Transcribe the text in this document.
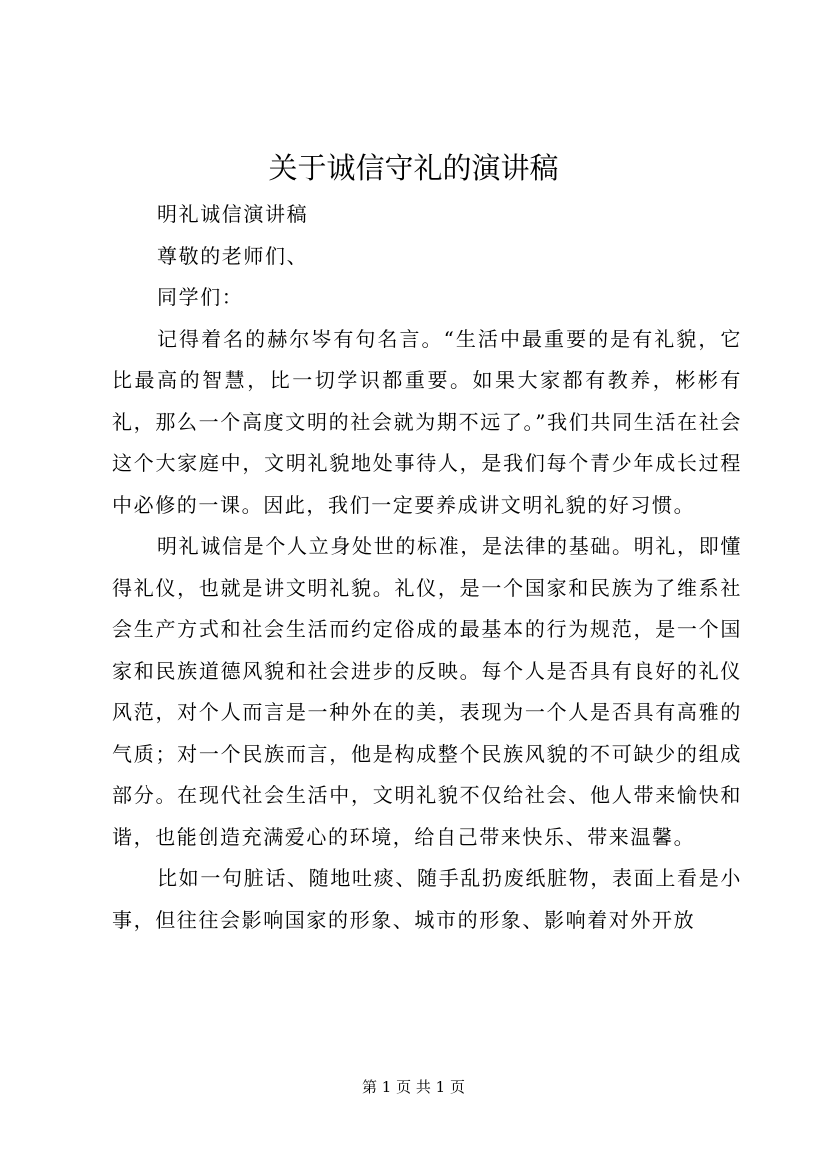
关于诚信守礼的演讲稿

明礼诚信演讲稿

尊敬的老师们、

同学们：

记得着名的赫尔岑有句名言。“生活中最重要的是有礼貌，它比最高的智慧，比一切学识都重要。如果大家都有教养，彬彬有礼，那么一个高度文明的社会就为期不远了。”我们共同生活在社会这个大家庭中，文明礼貌地处事待人，是我们每个青少年成长过程中必修的一课。因此，我们一定要养成讲文明礼貌的好习惯。

明礼诚信是个人立身处世的标准，是法律的基础。明礼，即懂得礼仪，也就是讲文明礼貌。礼仪，是一个国家和民族为了维系社会生产方式和社会生活而约定俗成的最基本的行为规范，是一个国家和民族道德风貌和社会进步的反映。每个人是否具有良好的礼仪风范，对个人而言是一种外在的美，表现为一个人是否具有高雅的气质；对一个民族而言，他是构成整个民族风貌的不可缺少的组成部分。在现代社会生活中，文明礼貌不仅给社会、他人带来愉快和谐，也能创造充满爱心的环境，给自己带来快乐、带来温馨。

比如一句脏话、随地吐痰、随手乱扔废纸脏物，表面上看是小事，但往往会影响国家的形象、城市的形象、影响着对外开放

第 1 页 共 1 页
